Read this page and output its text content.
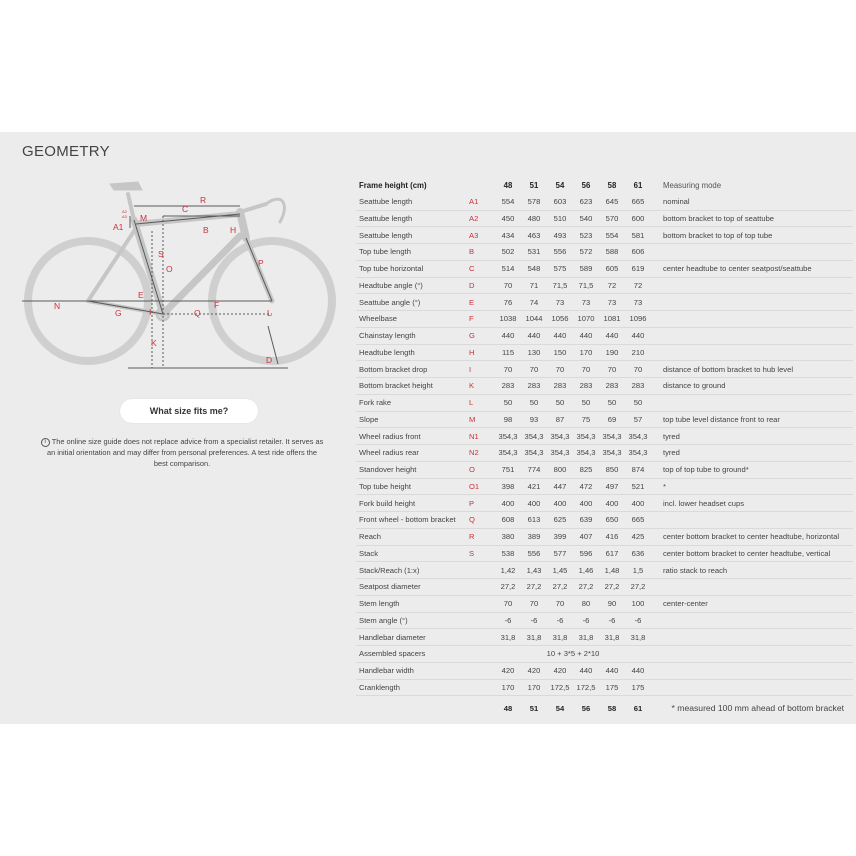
GEOMETRY
A1
A2
A3 M
C
R
B	H
S
O
P
E
N
G	I	Q
F
L
K
D
What size fits me?
i The online size guide does not replace advice from a specialist retailer. It serves as an initial orientation and may differ from personal preferences. A test ride offers the best comparison.
Frame height (cm)		48	51	54	56	58	61	Measuring mode
Seattube length	A1	554	578	603	623	645	665	nominal
Seattube length	A2	450	480	510	540	570	600	bottom bracket to top of seattube
Seattube length	A3	434	463	493	523	554	581	bottom bracket to top of top tube
Top tube length	B	502	531	556	572	588	606	
Top tube horizontal	C	514	548	575	589	605	619	center headtube to center seatpost/seattube
Headtube angle (°)	D	70	71	71,5	71,5	72	72	
Seattube angle (°)	E	76	74	73	73	73	73	
Wheelbase	F	1038	1044	1056	1070	1081	1096	
Chainstay length	G	440	440	440	440	440	440	
Headtube length	H	115	130	150	170	190	210	
Bottom bracket drop	I	70	70	70	70	70	70	distance of bottom bracket to hub level
Bottom bracket height	K	283	283	283	283	283	283	distance to ground
Fork rake	L	50	50	50	50	50	50	
Slope	M	98	93	87	75	69	57	top tube level distance front to rear
Wheel radius front	N1	354,3	354,3	354,3	354,3	354,3	354,3	tyred
Wheel radius rear	N2	354,3	354,3	354,3	354,3	354,3	354,3	tyred
Standover height	O	751	774	800	825	850	874	top of top tube to ground*
Top tube height	O1	398	421	447	472	497	521	*
Fork build height	P	400	400	400	400	400	400	incl. lower headset cups
Front wheel - bottom bracket	Q	608	613	625	639	650	665	
Reach	R	380	389	399	407	416	425	center bottom bracket to center headtube, horizontal
Stack	S	538	556	577	596	617	636	center bottom bracket to center headtube, vertical
Stack/Reach (1:x)		1,42	1,43	1,45	1,46	1,48	1,5	ratio stack to reach
Seatpost diameter		27,2	27,2	27,2	27,2	27,2	27,2	
Stem length		70	70	70	80	90	100	center-center
Stem angle (°)		-6	-6	-6	-6	-6	-6	
Handlebar diameter		31,8	31,8	31,8	31,8	31,8	31,8	
Assembled spacers		10 + 3*5 + 2*10						
Handlebar width		420	420	420	440	440	440	
Cranklength		170	170	172,5	172,5	175	175	
		48	51	54	56	58	61		* measured 100 mm ahead of bottom bracket
